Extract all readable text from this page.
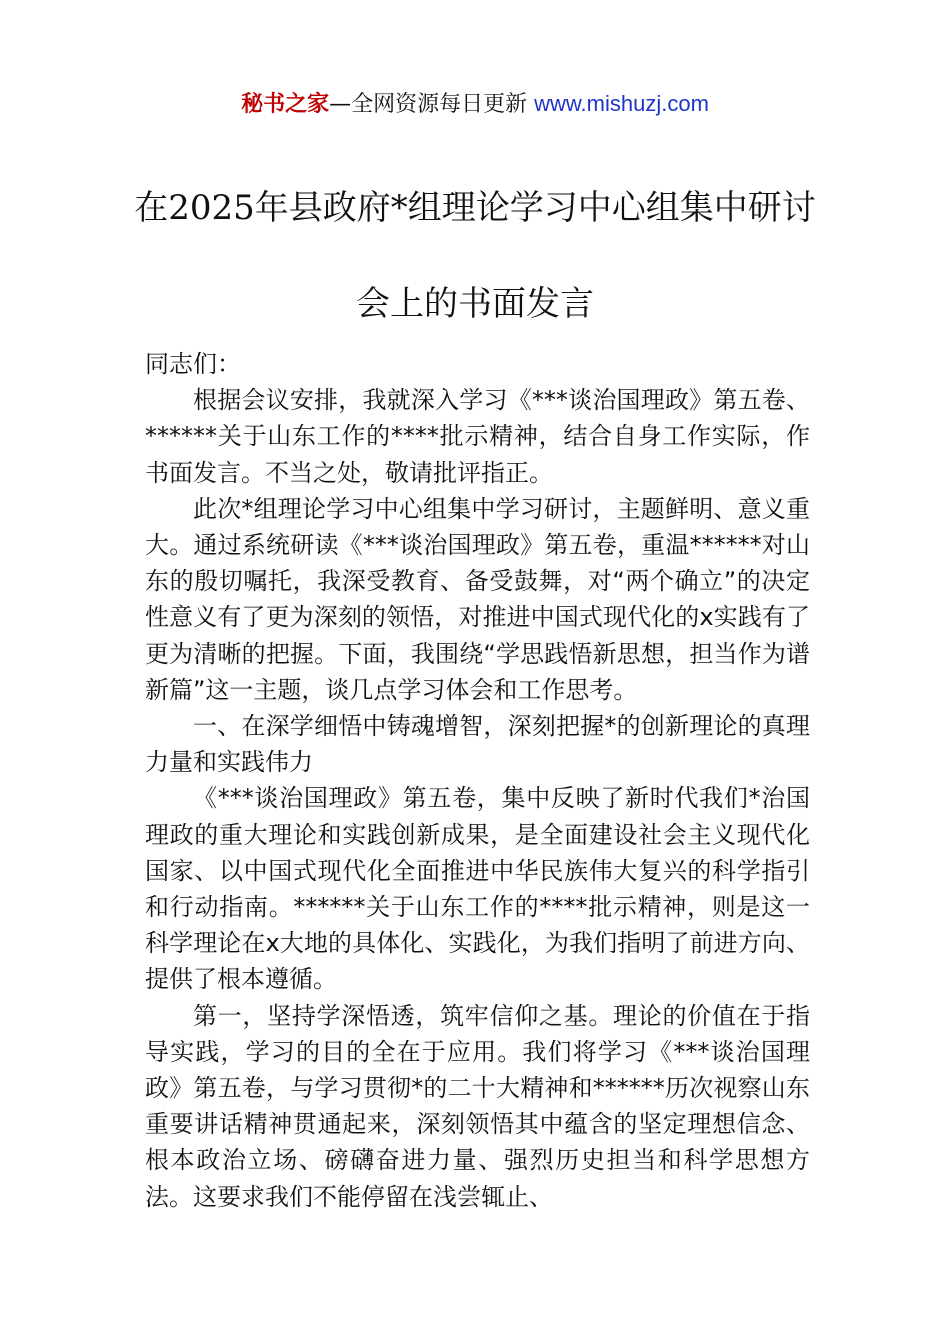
秘书之家—全网资源每日更新 www.mishuzj.com
在2025年县政府*组理论学习中心组集中研讨会上的书面发言

同志们：

根据会议安排，我就深入学习《***谈治国理政》第五卷、******关于山东工作的****批示精神，结合自身工作实际，作书面发言。不当之处，敬请批评指正。

此次*组理论学习中心组集中学习研讨，主题鲜明、意义重大。通过系统研读《***谈治国理政》第五卷，重温******对山东的殷切嘱托，我深受教育、备受鼓舞，对“两个确立”的决定性意义有了更为深刻的领悟，对推进中国式现代化的x实践有了更为清晰的把握。下面，我围绕“学思践悟新思想，担当作为谱新篇”这一主题，谈几点学习体会和工作思考。

一、在深学细悟中铸魂增智，深刻把握*的创新理论的真理力量和实践伟力

《***谈治国理政》第五卷，集中反映了新时代我们*治国理政的重大理论和实践创新成果，是全面建设社会主义现代化国家、以中国式现代化全面推进中华民族伟大复兴的科学指引和行动指南。******关于山东工作的****批示精神，则是这一科学理论在x大地的具体化、实践化，为我们指明了前进方向、提供了根本遵循。

第一，坚持学深悟透，筑牢信仰之基。理论的价值在于指导实践，学习的目的全在于应用。我们将学习《***谈治国理政》第五卷，与学习贯彻*的二十大精神和******历次视察山东重要讲话精神贯通起来，深刻领悟其中蕴含的坚定理想信念、根本政治立场、磅礴奋进力量、强烈历史担当和科学思想方法。这要求我们不能停留在浅尝辄止、
